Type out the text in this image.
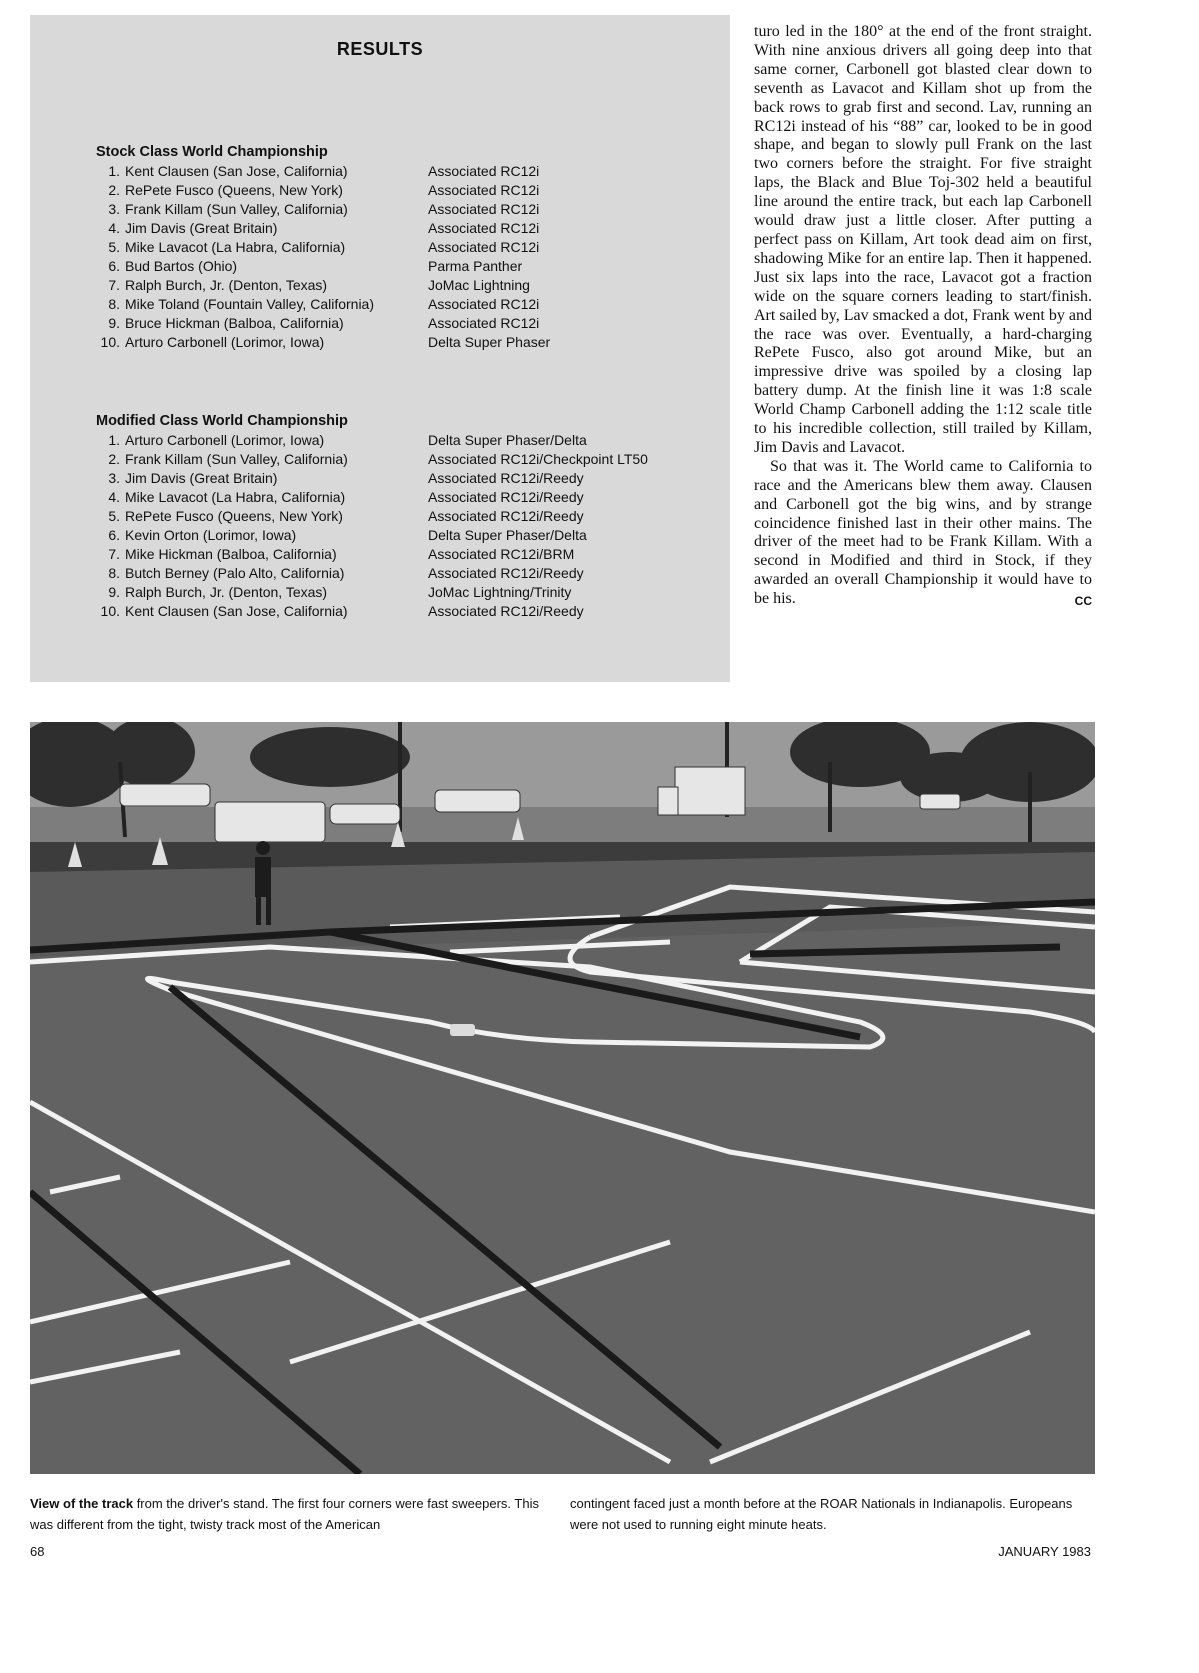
RESULTS
Stock Class World Championship
1. Kent Clausen (San Jose, California)	Associated RC12i
2. RePete Fusco (Queens, New York)	Associated RC12i
3. Frank Killam (Sun Valley, California)	Associated RC12i
4. Jim Davis (Great Britain)	Associated RC12i
5. Mike Lavacot (La Habra, California)	Associated RC12i
6. Bud Bartos (Ohio)	Parma Panther
7. Ralph Burch, Jr. (Denton, Texas)	JoMac Lightning
8. Mike Toland (Fountain Valley, California)	Associated RC12i
9. Bruce Hickman (Balboa, California)	Associated RC12i
10. Arturo Carbonell (Lorimor, Iowa)	Delta Super Phaser
Modified Class World Championship
1. Arturo Carbonell (Lorimor, Iowa)	Delta Super Phaser/Delta
2. Frank Killam (Sun Valley, California)	Associated RC12i/Checkpoint LT50
3. Jim Davis (Great Britain)	Associated RC12i/Reedy
4. Mike Lavacot (La Habra, California)	Associated RC12i/Reedy
5. RePete Fusco (Queens, New York)	Associated RC12i/Reedy
6. Kevin Orton (Lorimor, Iowa)	Delta Super Phaser/Delta
7. Mike Hickman (Balboa, California)	Associated RC12i/BRM
8. Butch Berney (Palo Alto, California)	Associated RC12i/Reedy
9. Ralph Burch, Jr. (Denton, Texas)	JoMac Lightning/Trinity
10. Kent Clausen (San Jose, California)	Associated RC12i/Reedy

turo led in the 180° at the end of the front straight. With nine anxious drivers all going deep into that same corner, Carbonell got blasted clear down to seventh as Lavacot and Killam shot up from the back rows to grab first and second. Lav, running an RC12i instead of his “88” car, looked to be in good shape, and began to slowly pull Frank on the last two corners before the straight. For five straight laps, the Black and Blue Toj-302 held a beautiful line around the entire track, but each lap Carbonell would draw just a little closer. After putting a perfect pass on Killam, Art took dead aim on first, shadowing Mike for an entire lap. Then it happened. Just six laps into the race, Lavacot got a fraction wide on the square corners leading to start/finish. Art sailed by, Lav smacked a dot, Frank went by and the race was over. Eventually, a hard-charging RePete Fusco, also got around Mike, but an impressive drive was spoiled by a closing lap battery dump. At the finish line it was 1:8 scale World Champ Carbonell adding the 1:12 scale title to his incredible collection, still trailed by Killam, Jim Davis and Lavacot.

So that was it. The World came to California to race and the Americans blew them away. Clausen and Carbonell got the big wins, and by strange coincidence finished last in their other mains. The driver of the meet had to be Frank Killam. With a second in Modified and third in Stock, if they awarded an overall Championship it would have to be his.	CC

View of the track from the driver's stand. The first four corners were fast sweepers. This was different from the tight, twisty track most of the American
contingent faced just a month before at the ROAR Nationals in Indianapolis. Europeans were not used to running eight minute heats.
68	JANUARY 1983
